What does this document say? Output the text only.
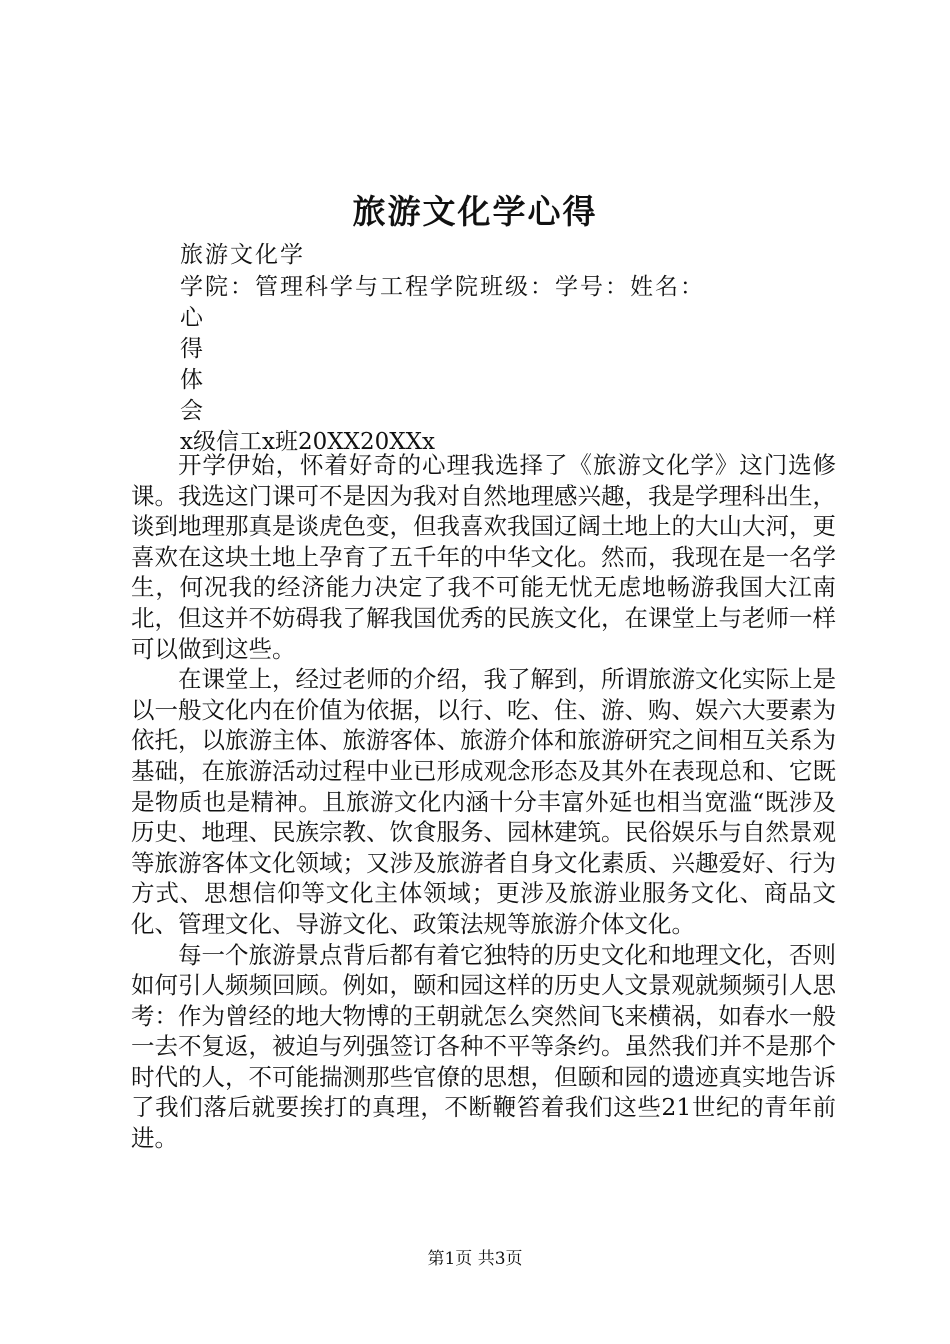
旅游文化学心得
旅游文化学
学院：管理科学与工程学院班级：学号：姓名：
心
得
体
会
x级信工x班20XX20XXx

开学伊始，怀着好奇的心理我选择了《旅游文化学》这门选修课。我选这门课可不是因为我对自然地理感兴趣，我是学理科出生，谈到地理那真是谈虎色变，但我喜欢我国辽阔土地上的大山大河，更喜欢在这块土地上孕育了五千年的中华文化。然而，我现在是一名学生，何况我的经济能力决定了我不可能无忧无虑地畅游我国大江南北，但这并不妨碍我了解我国优秀的民族文化，在课堂上与老师一样可以做到这些。

在课堂上，经过老师的介绍，我了解到，所谓旅游文化实际上是以一般文化内在价值为依据，以行、吃、住、游、购、娱六大要素为依托，以旅游主体、旅游客体、旅游介体和旅游研究之间相互关系为基础，在旅游活动过程中业已形成观念形态及其外在表现总和、它既是物质也是精神。且旅游文化内涵十分丰富外延也相当宽滥“既涉及历史、地理、民族宗教、饮食服务、园林建筑。民俗娱乐与自然景观等旅游客体文化领域；又涉及旅游者自身文化素质、兴趣爱好、行为方式、思想信仰等文化主体领域；更涉及旅游业服务文化、商品文化、管理文化、导游文化、政策法规等旅游介体文化。

每一个旅游景点背后都有着它独特的历史文化和地理文化，否则如何引人频频回顾。例如，颐和园这样的历史人文景观就频频引人思考：作为曾经的地大物博的王朝就怎么突然间飞来横祸，如春水一般一去不复返，被迫与列强签订各种不平等条约。虽然我们并不是那个时代的人，不可能揣测那些官僚的思想，但颐和园的遗迹真实地告诉了我们落后就要挨打的真理，不断鞭笞着我们这些21世纪的青年前进。

第1页 共3页
